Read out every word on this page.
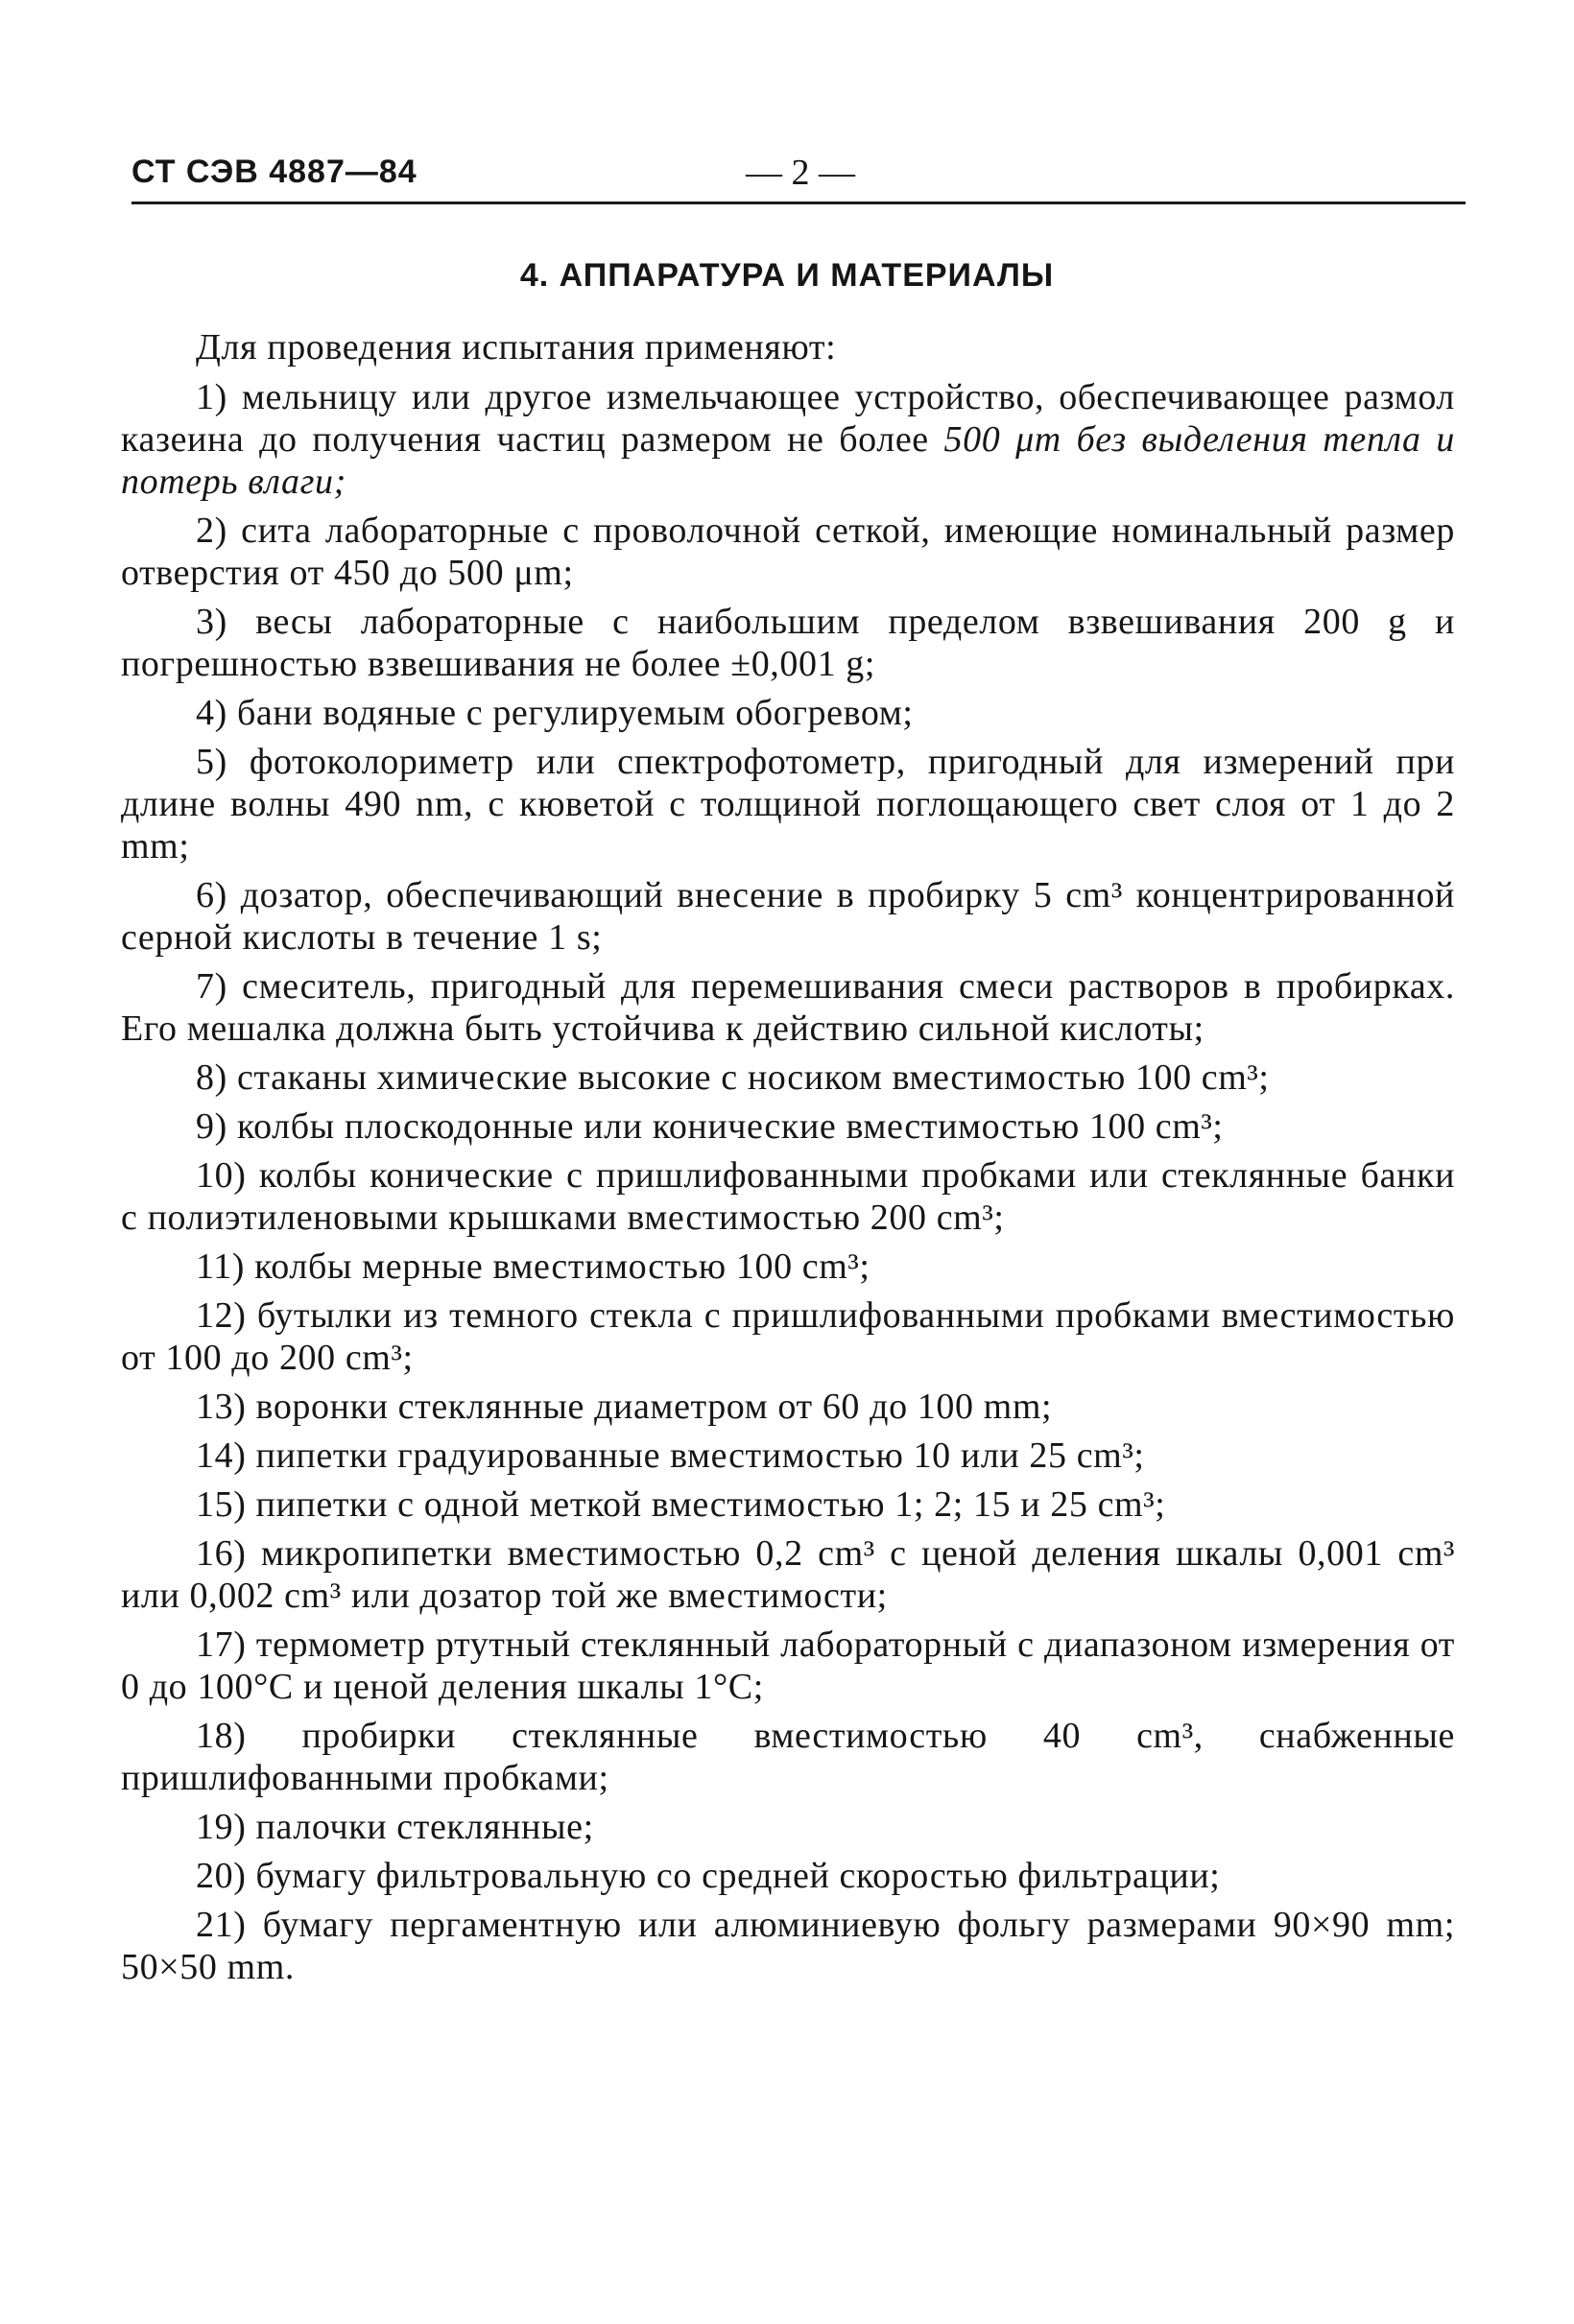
СТ СЭВ 4887—84	— 2 —
4. АППАРАТУРА И МАТЕРИАЛЫ

Для проведения испытания применяют:

1) мельницу или другое измельчающее устройство, обеспечивающее размол казеина до получения частиц размером не более 500 μm без выделения тепла и потерь влаги;

2) сита лабораторные с проволочной сеткой, имеющие номинальный размер отверстия от 450 до 500 μm;

3) весы лабораторные с наибольшим пределом взвешивания 200 g и погрешностью взвешивания не более ±0,001 g;

4) бани водяные с регулируемым обогревом;

5) фотоколориметр или спектрофотометр, пригодный для измерений при длине волны 490 nm, с кюветой с толщиной поглощающего свет слоя от 1 до 2 mm;

6) дозатор, обеспечивающий внесение в пробирку 5 cm³ концентрированной серной кислоты в течение 1 s;

7) смеситель, пригодный для перемешивания смеси растворов в пробирках. Его мешалка должна быть устойчива к действию сильной кислоты;

8) стаканы химические высокие с носиком вместимостью 100 cm³;

9) колбы плоскодонные или конические вместимостью 100 cm³;

10) колбы конические с пришлифованными пробками или стеклянные банки с полиэтиленовыми крышками вместимостью 200 cm³;

11) колбы мерные вместимостью 100 cm³;

12) бутылки из темного стекла с пришлифованными пробками вместимостью от 100 до 200 cm³;

13) воронки стеклянные диаметром от 60 до 100 mm;

14) пипетки градуированные вместимостью 10 или 25 cm³;

15) пипетки с одной меткой вместимостью 1; 2; 15 и 25 cm³;

16) микропипетки вместимостью 0,2 cm³ с ценой деления шкалы 0,001 cm³ или 0,002 cm³ или дозатор той же вместимости;

17) термометр ртутный стеклянный лабораторный с диапазоном измерения от 0 до 100°С и ценой деления шкалы 1°С;

18) пробирки стеклянные вместимостью 40 cm³, снабженные пришлифованными пробками;

19) палочки стеклянные;

20) бумагу фильтровальную со средней скоростью фильтрации;

21) бумагу пергаментную или алюминиевую фольгу размерами 90×90 mm; 50×50 mm.
